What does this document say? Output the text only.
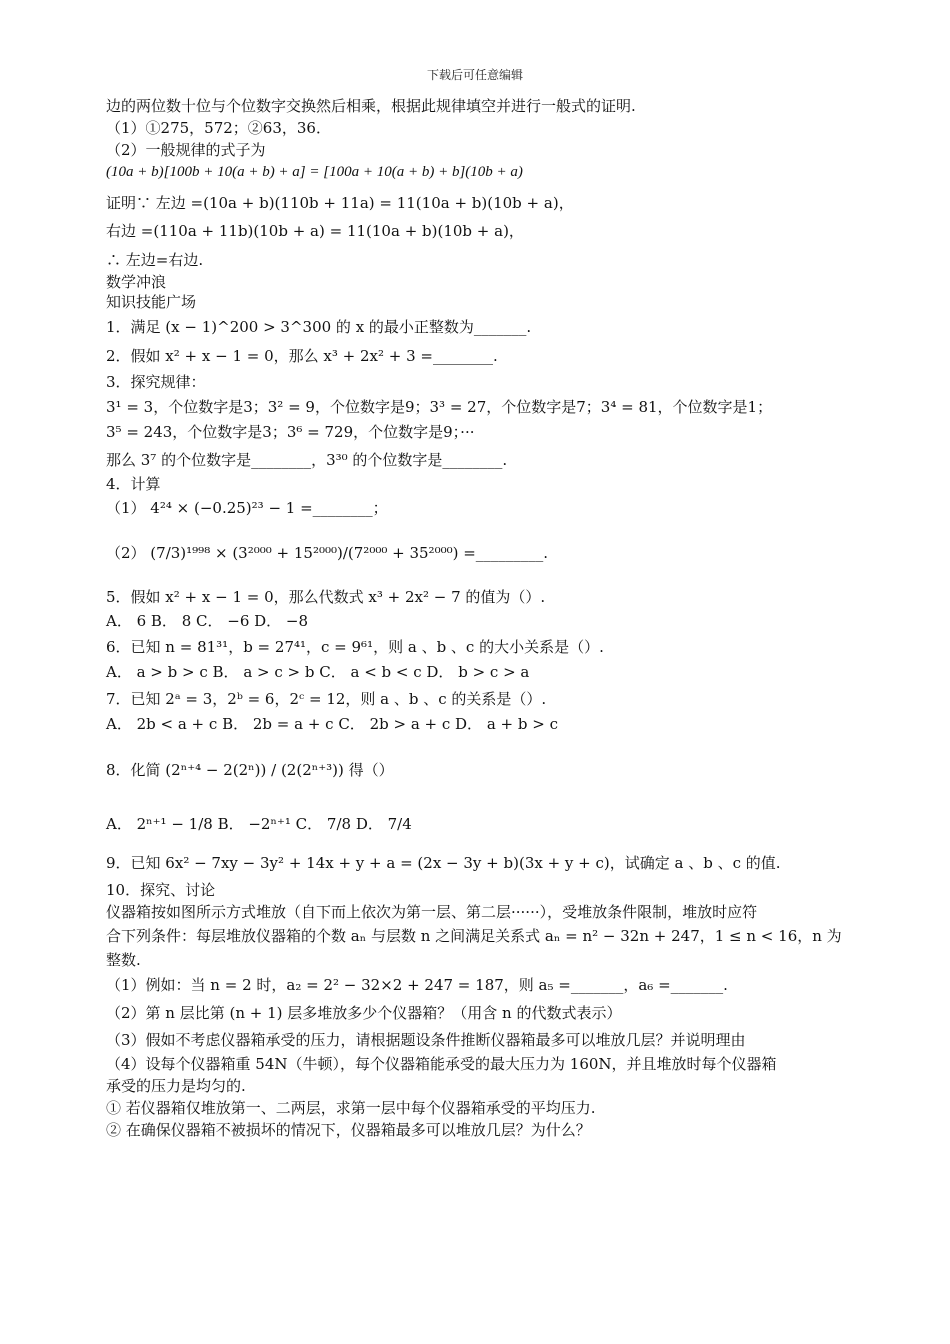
下载后可任意编辑
边的两位数十位与个位数字交换然后相乘，根据此规律填空并进行一般式的证明.
（1）①275，572；②63，36．
（2）一般规律的式子为
(10a + b)[100b + 10(a + b) + a] = [100a + 10(a + b) + b](10b + a)
证明∵ 左边 =(10a + b)(110b + 11a) = 11(10a + b)(10b + a)，
右边 =(110a + 11b)(10b + a) = 11(10a + b)(10b + a)，
∴ 左边=右边.
数学冲浪
知识技能广场
1．满足 (x − 1)^200 > 3^300 的 x 的最小正整数为_______.
2．假如 x² + x − 1 = 0，那么 x³ + 2x² + 3 =________.
3．探究规律：
3¹ = 3，个位数字是3；3² = 9，个位数字是9；3³ = 27，个位数字是7；3⁴ = 81，个位数字是1；
3⁵ = 243，个位数字是3；3⁶ = 729，个位数字是9；···
那么 3⁷ 的个位数字是________，3³⁰ 的个位数字是________.
4．计算
（1） 4²⁴ × (−0.25)²³ − 1 =________；
（2） (7/3)¹⁹⁹⁸ × (3²⁰⁰⁰ + 15²⁰⁰⁰)/(7²⁰⁰⁰ + 35²⁰⁰⁰) =_________.
5．假如 x² + x − 1 = 0，那么代数式 x³ + 2x² − 7 的值为（）.
A． 6 B． 8 C． −6 D． −8
6．已知 n = 81³¹，b = 27⁴¹，c = 9⁶¹，则 a 、b 、c 的大小关系是（）.
A． a > b > c B． a > c > b C． a < b < c D． b > c > a
7．已知 2ᵃ = 3，2ᵇ = 6，2ᶜ = 12，则 a 、b 、c 的关系是（）.
A． 2b < a + c B． 2b = a + c C． 2b > a + c D． a + b > c
8．化简 (2ⁿ⁺⁴ − 2(2ⁿ)) / (2(2ⁿ⁺³)) 得（）
A． 2ⁿ⁺¹ − 1/8 B． −2ⁿ⁺¹ C． 7/8 D． 7/4
9．已知 6x² − 7xy − 3y² + 14x + y + a = (2x − 3y + b)(3x + y + c)，试确定 a 、b 、c 的值.
10．探究、讨论
仪器箱按如图所示方式堆放（自下而上依次为第一层、第二层······），受堆放条件限制，堆放时应符
合下列条件：每层堆放仪器箱的个数 aₙ 与层数 n 之间满足关系式 aₙ = n² − 32n + 247，1 ≤ n < 16，n 为
整数.
（1）例如：当 n = 2 时，a₂ = 2² − 32×2 + 247 = 187，则 a₅ =_______，a₆ =_______.
（2）第 n 层比第 (n + 1) 层多堆放多少个仪器箱？（用含 n 的代数式表示）
（3）假如不考虑仪器箱承受的压力，请根据题设条件推断仪器箱最多可以堆放几层？并说明理由
（4）设每个仪器箱重 54N（牛顿），每个仪器箱能承受的最大压力为 160N，并且堆放时每个仪器箱
承受的压力是均匀的.
① 若仪器箱仅堆放第一、二两层，求第一层中每个仪器箱承受的平均压力.
② 在确保仪器箱不被损坏的情况下，仪器箱最多可以堆放几层？为什么？
